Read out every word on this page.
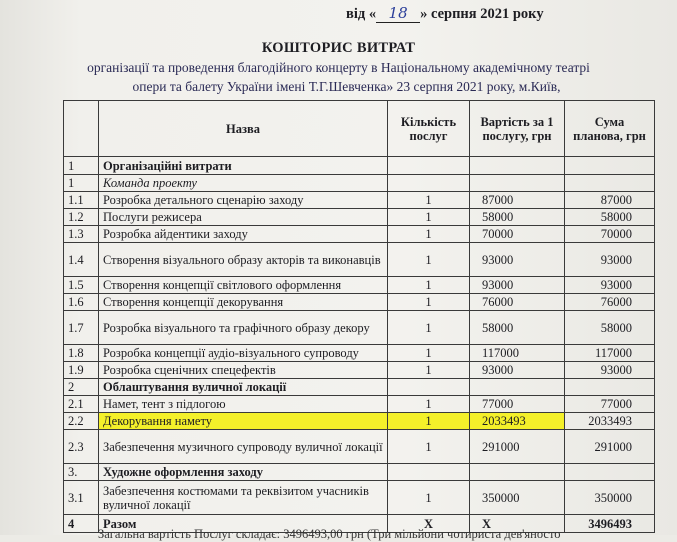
від « 18 » серпня 2021 року
КОШТОРИС ВИТРАТ
організації та проведення благодійного концерту в Національному академічному театрі
опери та балету України імені Т.Г.Шевченка» 23 серпня 2021 року, м.Київ,
	Назва	Кількість послуг	Вартість за 1 послугу, грн	Сума планова, грн
1	Організаційні витрати			
1	Команда проекту			
1.1	Розробка детального сценарію заходу	1	87000	87000
1.2	Послуги режисера	1	58000	58000
1.3	Розробка айдентики заходу	1	70000	70000
1.4	Створення візуального образу акторів та виконавців	1	93000	93000
1.5	Створення концепції світлового оформлення	1	93000	93000
1.6	Створення концепції декорування	1	76000	76000
1.7	Розробка візуального та графічного образу декору	1	58000	58000
1.8	Розробка концепції аудіо-візуального супроводу	1	117000	117000
1.9	Розробка сценічних спецефектів	1	93000	93000
2	Облаштування вуличної локації			
2.1	Намет, тент з підлогою	1	77000	77000
2.2	Декорування намету	1	2033493	2033493
2.3	Забезпечення музичного супроводу вуличної локації	1	291000	291000
3.	Художне оформлення заходу			
3.1	Забезпечення костюмами та реквізитом учасників вуличної локації	1	350000	350000
4	Разом	X	X	3496493
Загальна вартість Послуг складає: 3496493,00 грн (Три мільйони чотириста дев'яносто
